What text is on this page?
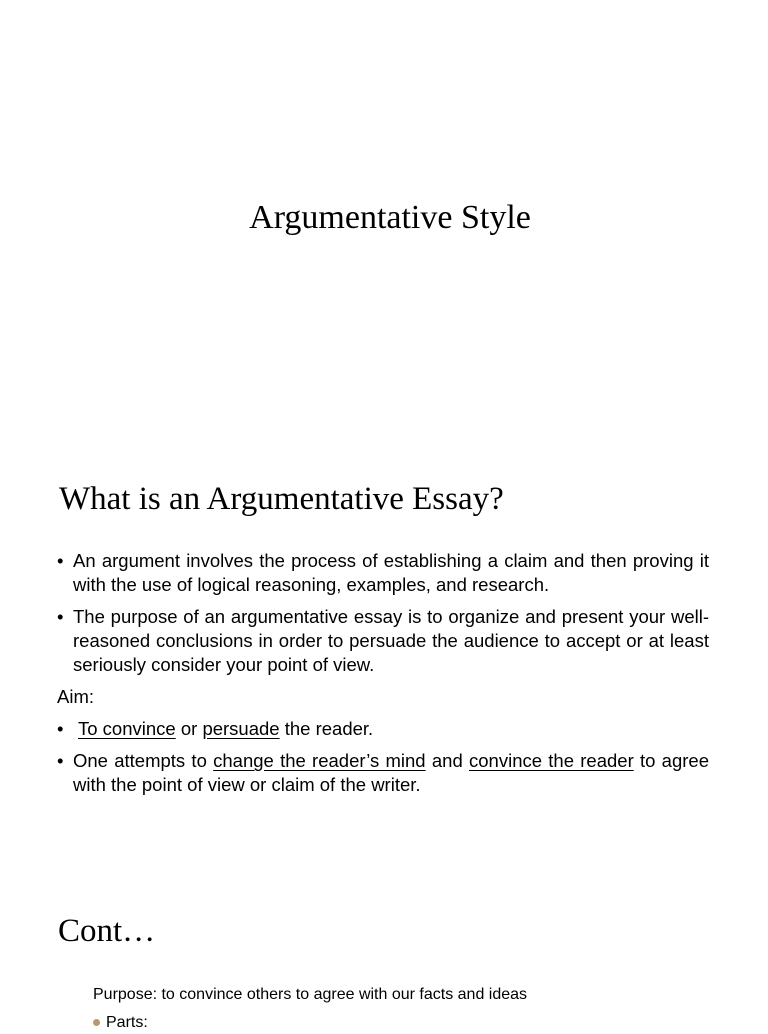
Argumentative Style
What is an Argumentative Essay?
• An argument involves the process of establishing a claim and then proving it with the use of logical reasoning, examples, and research.
• The purpose of an argumentative essay is to organize and present your well-reasoned conclusions in order to persuade the audience to accept or at least seriously consider your point of view.
Aim:
• To convince or persuade the reader.
• One attempts to change the reader’s mind and convince the reader to agree with the point of view or claim of the writer.
Cont…
Purpose: to convince others to agree with our facts and ideas
Parts:
